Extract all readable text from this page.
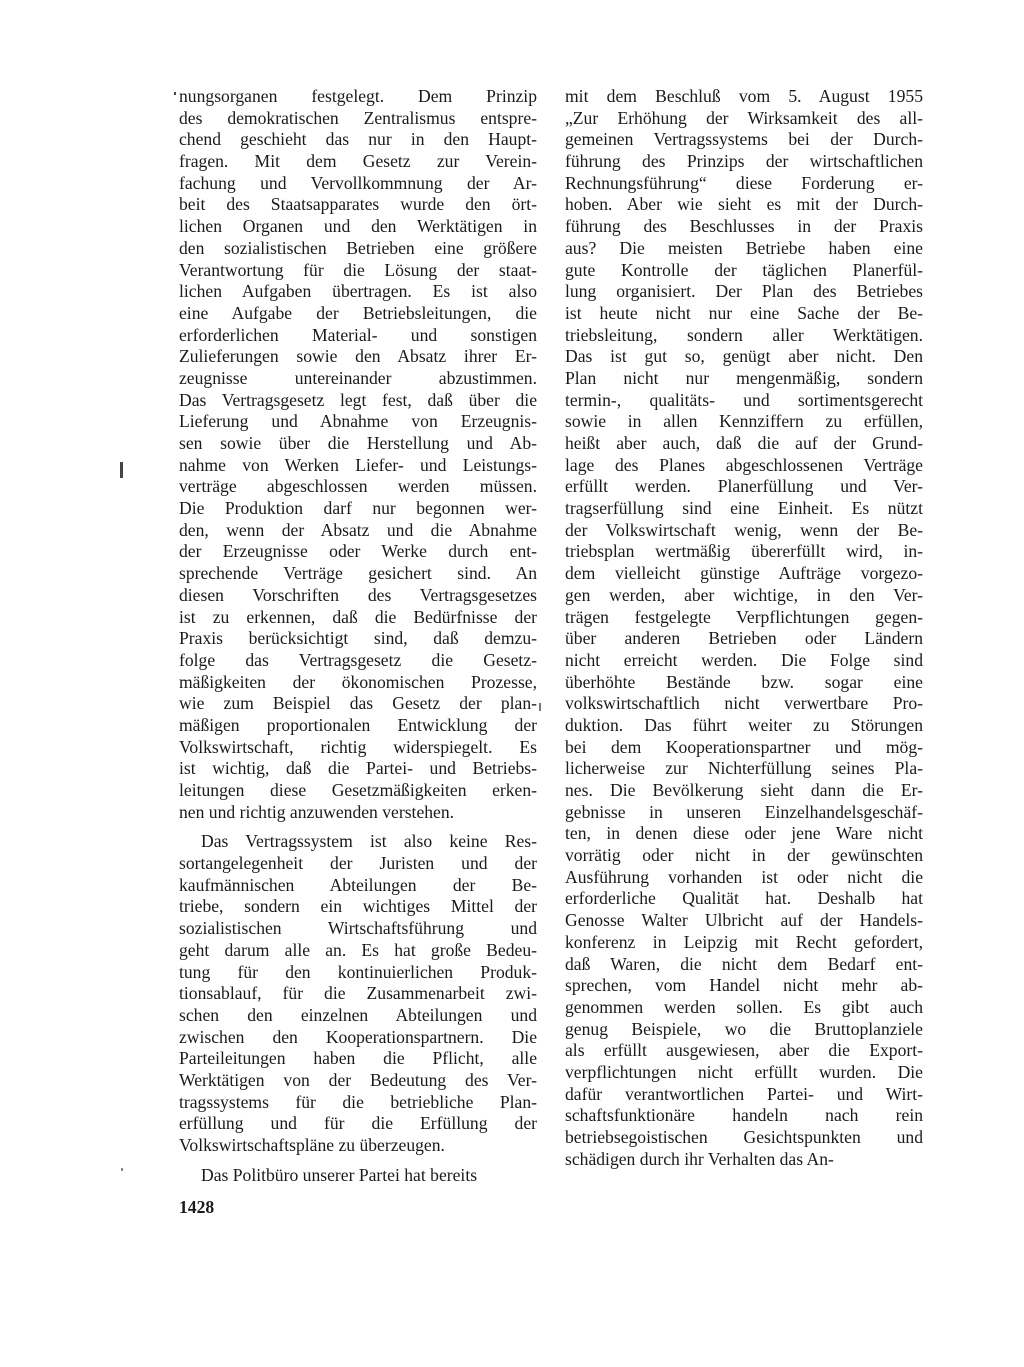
nungsorganen festgelegt. Dem Prinzip
des demokratischen Zentralismus entspre-
chend geschieht das nur in den Haupt-
fragen. Mit dem Gesetz zur Verein-
fachung und Vervollkommnung der Ar-
beit des Staatsapparates wurde den ört-
lichen Organen und den Werktätigen in
den sozialistischen Betrieben eine größere
Verantwortung für die Lösung der staat-
lichen Aufgaben übertragen. Es ist also
eine Aufgabe der Betriebsleitungen, die
erforderlichen Material- und sonstigen
Zulieferungen sowie den Absatz ihrer Er-
zeugnisse untereinander abzustimmen.
Das Vertragsgesetz legt fest, daß über die
Lieferung und Abnahme von Erzeugnis-
sen sowie über die Herstellung und Ab-
nahme von Werken Liefer- und Leistungs-
verträge abgeschlossen werden müssen.
Die Produktion darf nur begonnen wer-
den, wenn der Absatz und die Abnahme
der Erzeugnisse oder Werke durch ent-
sprechende Verträge gesichert sind. An
diesen Vorschriften des Vertragsgesetzes
ist zu erkennen, daß die Bedürfnisse der
Praxis berücksichtigt sind, daß demzu-
folge das Vertragsgesetz die Gesetz-
mäßigkeiten der ökonomischen Prozesse,
wie zum Beispiel das Gesetz der plan-
mäßigen proportionalen Entwicklung der
Volkswirtschaft, richtig widerspiegelt. Es
ist wichtig, daß die Partei- und Betriebs-
leitungen diese Gesetzmäßigkeiten erken-
nen und richtig anzuwenden verstehen.
Das Vertragssystem ist also keine Res-
sortangelegenheit der Juristen und der
kaufmännischen Abteilungen der Be-
triebe, sondern ein wichtiges Mittel der
sozialistischen Wirtschaftsführung und
geht darum alle an. Es hat große Bedeu-
tung für den kontinuierlichen Produk-
tionsablauf, für die Zusammenarbeit zwi-
schen den einzelnen Abteilungen und
zwischen den Kooperationspartnern. Die
Parteileitungen haben die Pflicht, alle
Werktätigen von der Bedeutung des Ver-
tragssystems für die betriebliche Plan-
erfüllung und für die Erfüllung der
Volkswirtschaftspläne zu überzeugen.
Das Politbüro unserer Partei hat bereits
mit dem Beschluß vom 5. August 1955
„Zur Erhöhung der Wirksamkeit des all-
gemeinen Vertragssystems bei der Durch-
führung des Prinzips der wirtschaftlichen
Rechnungsführung“ diese Forderung er-
hoben. Aber wie sieht es mit der Durch-
führung des Beschlusses in der Praxis
aus? Die meisten Betriebe haben eine
gute Kontrolle der täglichen Planerfül-
lung organisiert. Der Plan des Betriebes
ist heute nicht nur eine Sache der Be-
triebsleitung, sondern aller Werktätigen.
Das ist gut so, genügt aber nicht. Den
Plan nicht nur mengenmäßig, sondern
termin-, qualitäts- und sortimentsgerecht
sowie in allen Kennziffern zu erfüllen,
heißt aber auch, daß die auf der Grund-
lage des Planes abgeschlossenen Verträge
erfüllt werden. Planerfüllung und Ver-
tragserfüllung sind eine Einheit. Es nützt
der Volkswirtschaft wenig, wenn der Be-
triebsplan wertmäßig übererfüllt wird, in-
dem vielleicht günstige Aufträge vorgezo-
gen werden, aber wichtige, in den Ver-
trägen festgelegte Verpflichtungen gegen-
über anderen Betrieben oder Ländern
nicht erreicht werden. Die Folge sind
überhöhte Bestände bzw. sogar eine
volkswirtschaftlich nicht verwertbare Pro-
duktion. Das führt weiter zu Störungen
bei dem Kooperationspartner und mög-
licherweise zur Nichterfüllung seines Pla-
nes. Die Bevölkerung sieht dann die Er-
gebnisse in unseren Einzelhandelsgeschäf-
ten, in denen diese oder jene Ware nicht
vorrätig oder nicht in der gewünschten
Ausführung vorhanden ist oder nicht die
erforderliche Qualität hat. Deshalb hat
Genosse Walter Ulbricht auf der Handels-
konferenz in Leipzig mit Recht gefordert,
daß Waren, die nicht dem Bedarf ent-
sprechen, vom Handel nicht mehr ab-
genommen werden sollen. Es gibt auch
genug Beispiele, wo die Bruttoplanziele
als erfüllt ausgewiesen, aber die Export-
verpflichtungen nicht erfüllt wurden. Die
dafür verantwortlichen Partei- und Wirt-
schaftsfunktionäre handeln nach rein
betriebsegoistischen Gesichtspunkten und
schädigen durch ihr Verhalten das An-
1428
